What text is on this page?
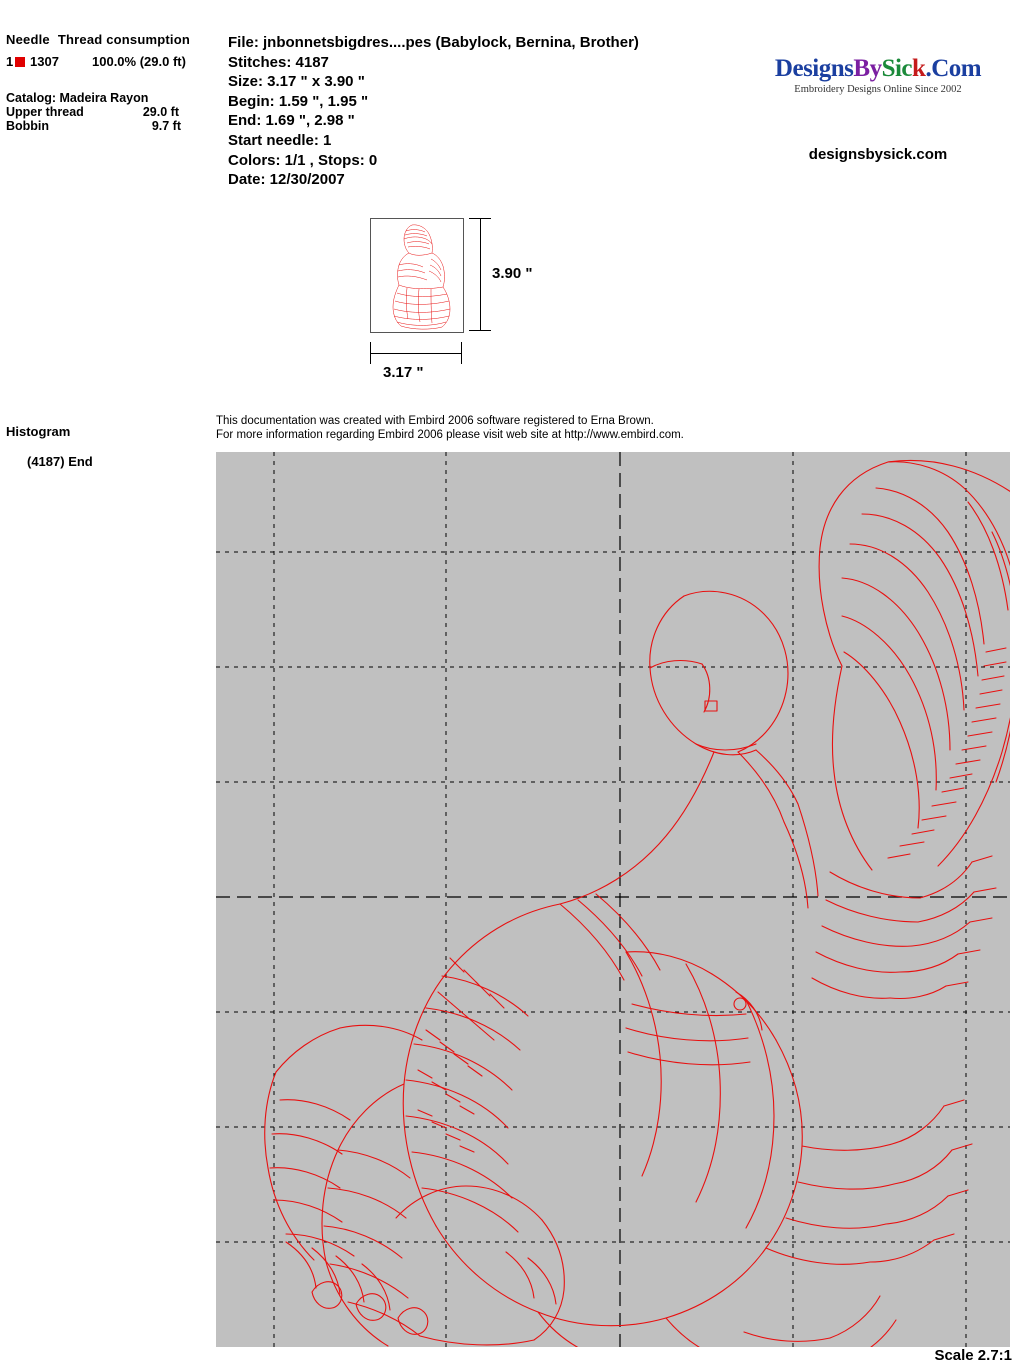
Needle Thread consumption
1 1307	100.0% (29.0 ft)
Catalog: Madeira Rayon
Upper thread	29.0 ft
Bobbin	9.7 ft
File: jnbonnetsbigdres....pes (Babylock, Bernina, Brother)
Stitches: 4187
Size: 3.17 " x 3.90 "
Begin: 1.59 ", 1.95 "
End: 1.69 ", 2.98 "
Start needle: 1
Colors: 1/1 , Stops: 0
Date: 12/30/2007
DesignsBySick.Com
Embroidery Designs Online Since 2002
designsbysick.com
3.90 "
3.17 "
Histogram
(4187) End
This documentation was created with Embird 2006 software registered to Erna Brown.
For more information regarding Embird 2006 please visit web site at http://www.embird.com.
Scale 2.7:1
